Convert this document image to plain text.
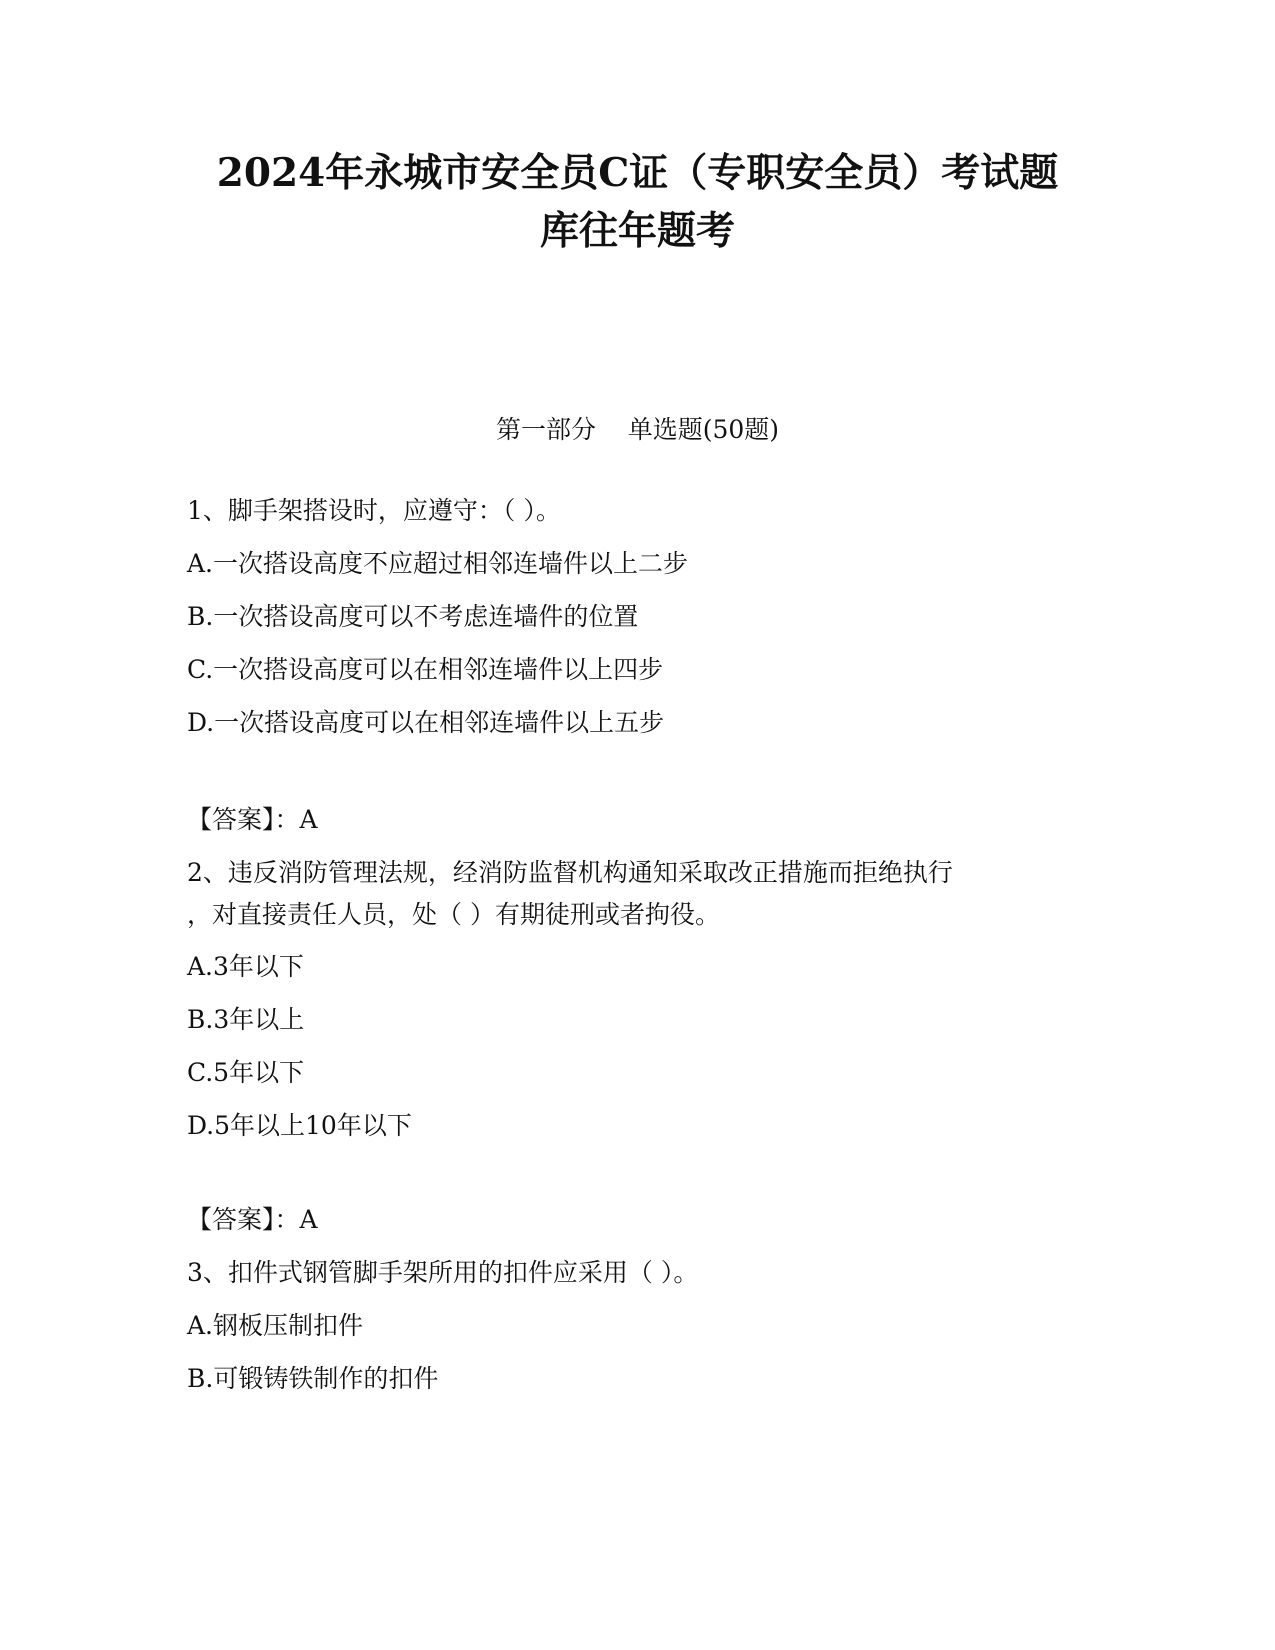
2024年永城市安全员C证（专职安全员）考试题
库往年题考
第一部分    单选题(50题)
1、脚手架搭设时，应遵守：（ ）。
A.一次搭设高度不应超过相邻连墙件以上二步
B.一次搭设高度可以不考虑连墙件的位置
C.一次搭设高度可以在相邻连墙件以上四步
D.一次搭设高度可以在相邻连墙件以上五步
【答案】：A
2、违反消防管理法规，经消防监督机构通知采取改正措施而拒绝执行
，对直接责任人员，处（ ）有期徒刑或者拘役。
A.3年以下
B.3年以上
C.5年以下
D.5年以上10年以下
【答案】：A
3、扣件式钢管脚手架所用的扣件应采用（ ）。
A.钢板压制扣件
B.可锻铸铁制作的扣件
